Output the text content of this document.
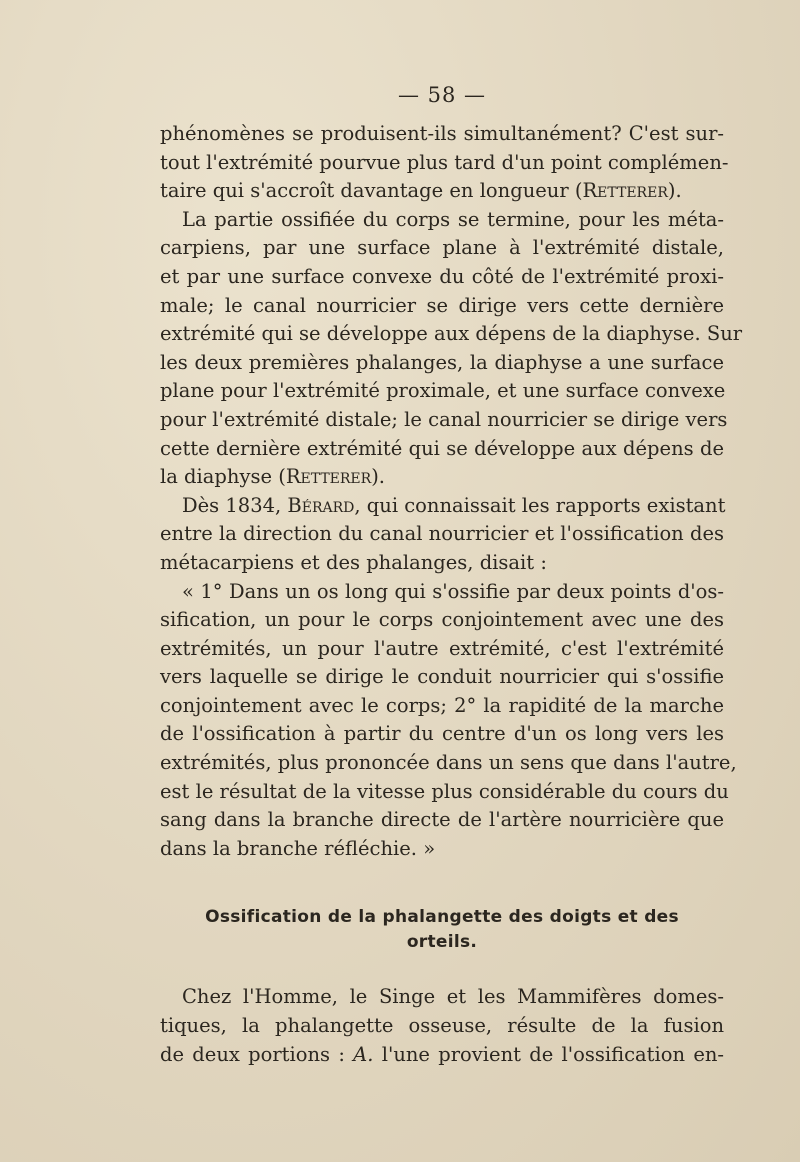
— 58 —

phénomènes se produisent-ils simultanément? C'est sur-
tout l'extrémité pourvue plus tard d'un point complémen-
taire qui s'accroît davantage en longueur (Retterer).

La partie ossifiée du corps se termine, pour les méta-
carpiens, par une surface plane à l'extrémité distale,
et par une surface convexe du côté de l'extrémité proxi-
male; le canal nourricier se dirige vers cette dernière
extrémité qui se développe aux dépens de la diaphyse. Sur
les deux premières phalanges, la diaphyse a une surface
plane pour l'extrémité proximale, et une surface convexe
pour l'extrémité distale; le canal nourricier se dirige vers
cette dernière extrémité qui se développe aux dépens de
la diaphyse (Retterer).

Dès 1834, Bérard, qui connaissait les rapports existant
entre la direction du canal nourricier et l'ossification des
métacarpiens et des phalanges, disait :

« 1° Dans un os long qui s'ossifie par deux points d'os-
sification, un pour le corps conjointement avec une des
extrémités, un pour l'autre extrémité, c'est l'extrémité
vers laquelle se dirige le conduit nourricier qui s'ossifie
conjointement avec le corps; 2° la rapidité de la marche
de l'ossification à partir du centre d'un os long vers les
extrémités, plus prononcée dans un sens que dans l'autre,
est le résultat de la vitesse plus considérable du cours du
sang dans la branche directe de l'artère nourricière que
dans la branche réfléchie. »

Ossification de la phalangette des doigts et des
orteils.

Chez l'Homme, le Singe et les Mammifères domes-
tiques, la phalangette osseuse, résulte de la fusion
de deux portions : A. l'une provient de l'ossification en-
